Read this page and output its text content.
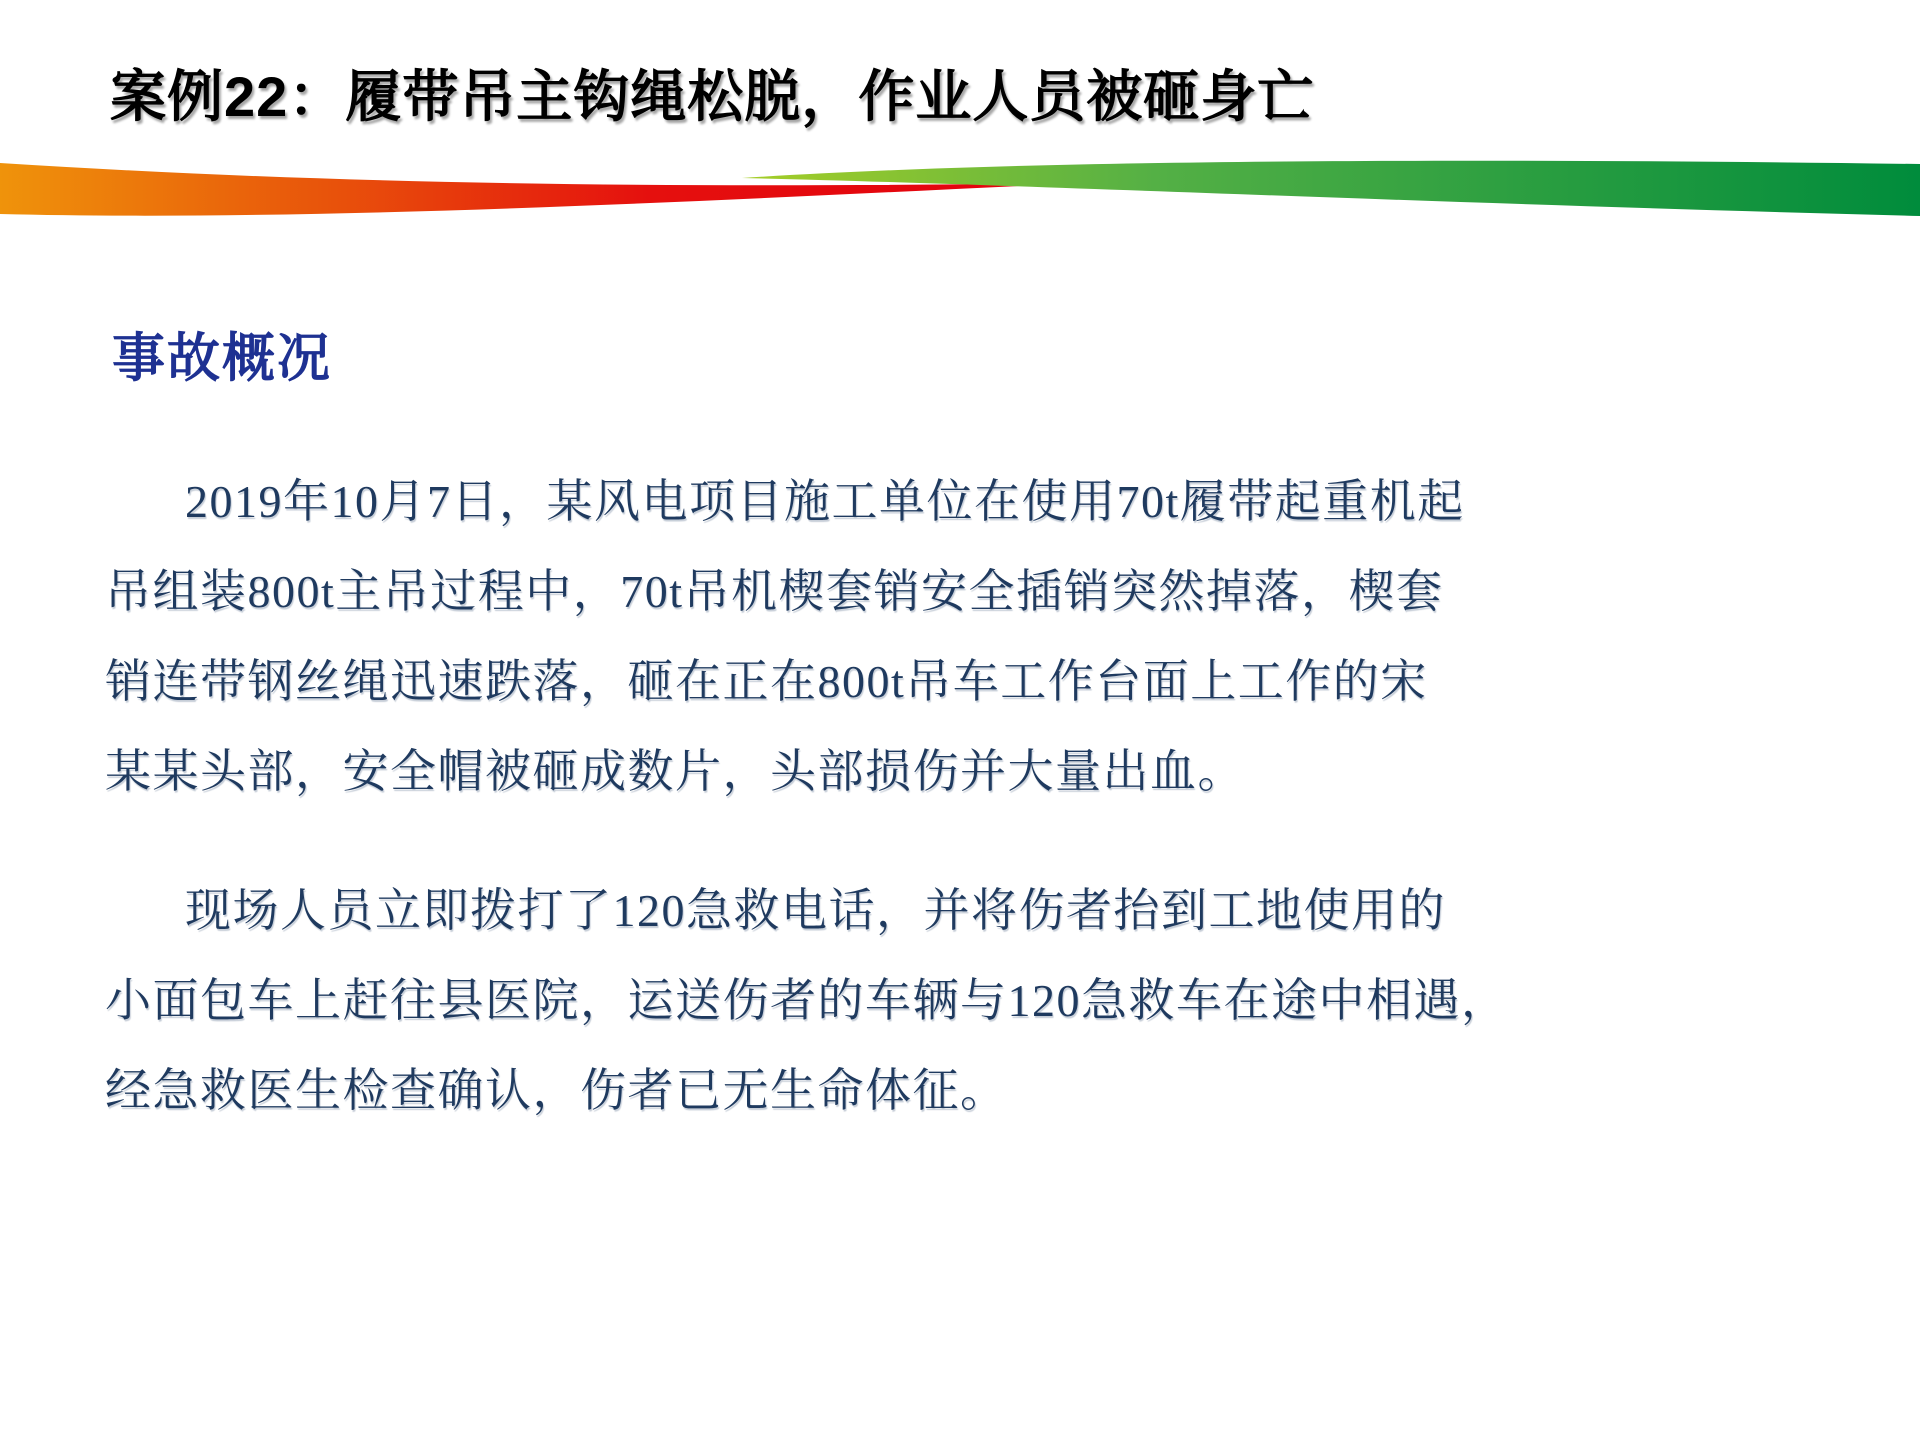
案例22：履带吊主钩绳松脱，作业人员被砸身亡
事故概况
2019年10月7日，某风电项目施工单位在使用70t履带起重机起
吊组装800t主吊过程中，70t吊机楔套销安全插销突然掉落，楔套
销连带钢丝绳迅速跌落，砸在正在800t吊车工作台面上工作的宋
某某头部，安全帽被砸成数片，头部损伤并大量出血。
现场人员立即拨打了120急救电话，并将伤者抬到工地使用的
小面包车上赶往县医院，运送伤者的车辆与120急救车在途中相遇，
经急救医生检查确认，伤者已无生命体征。
